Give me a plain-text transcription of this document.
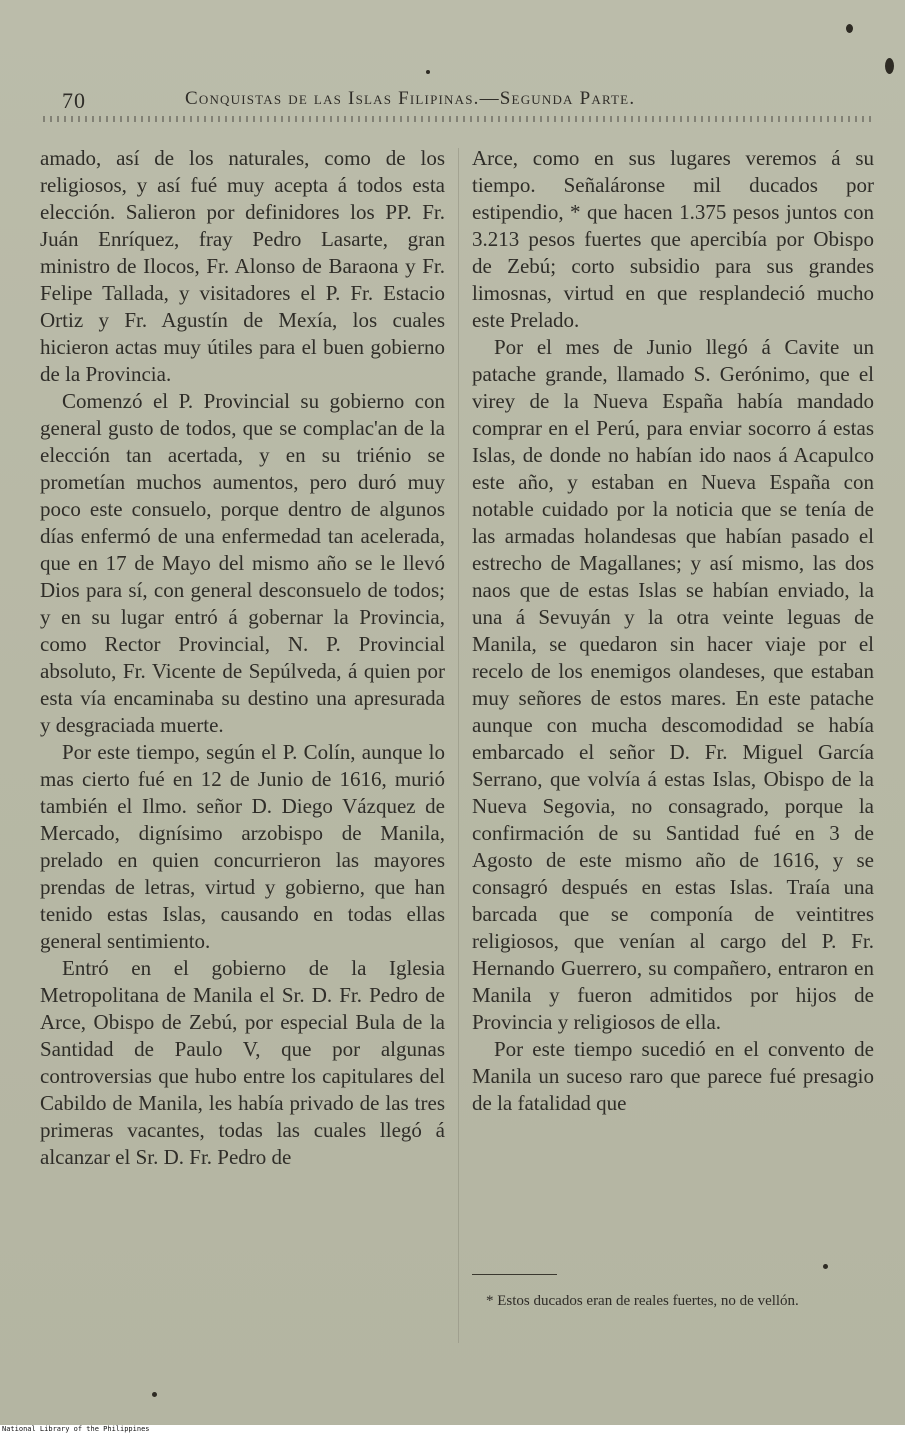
70	Conquistas de las Islas Filipinas.—Segunda Parte.

amado, así de los naturales, como de los religiosos, y así fué muy acepta á todos esta elección. Salieron por definidores los PP. Fr. Juán Enríquez, fray Pedro Lasarte, gran ministro de Ilocos, Fr. Alonso de Baraona y Fr. Felipe Tallada, y visitadores el P. Fr. Estacio Ortiz y Fr. Agustín de Mexía, los cuales hicieron actas muy útiles para el buen gobierno de la Provincia.

Comenzó el P. Provincial su gobierno con general gusto de todos, que se complac'an de la elección tan acertada, y en su triénio se prometían muchos aumentos, pero duró muy poco este consuelo, porque dentro de algunos días enfermó de una enfermedad tan acelerada, que en 17 de Mayo del mismo año se le llevó Dios para sí, con general desconsuelo de todos; y en su lugar entró á gobernar la Provincia, como Rector Provincial, N. P. Provincial absoluto, Fr. Vicente de Sepúlveda, á quien por esta vía encaminaba su destino una apresurada y desgraciada muerte.

Por este tiempo, según el P. Colín, aunque lo mas cierto fué en 12 de Junio de 1616, murió también el Ilmo. señor D. Diego Vázquez de Mercado, dignísimo arzobispo de Manila, prelado en quien concurrieron las mayores prendas de letras, virtud y gobierno, que han tenido estas Islas, causando en todas ellas general sentimiento.

Entró en el gobierno de la Iglesia Metropolitana de Manila el Sr. D. Fr. Pedro de Arce, Obispo de Zebú, por especial Bula de la Santidad de Paulo V, que por algunas controversias que hubo entre los capitulares del Cabildo de Manila, les había privado de las tres primeras vacantes, todas las cuales llegó á alcanzar el Sr. D. Fr. Pedro de

Arce, como en sus lugares veremos á su tiempo. Señaláronse mil ducados por estipendio, * que hacen 1.375 pesos juntos con 3.213 pesos fuertes que apercibía por Obispo de Zebú; corto subsidio para sus grandes limosnas, virtud en que resplandeció mucho este Prelado.

Por el mes de Junio llegó á Cavite un patache grande, llamado S. Gerónimo, que el virey de la Nueva España había mandado comprar en el Perú, para enviar socorro á estas Islas, de donde no habían ido naos á Acapulco este año, y estaban en Nueva España con notable cuidado por la noticia que se tenía de las armadas holandesas que habían pasado el estrecho de Magallanes; y así mismo, las dos naos que de estas Islas se habían enviado, la una á Sevuyán y la otra veinte leguas de Manila, se quedaron sin hacer viaje por el recelo de los enemigos olandeses, que estaban muy señores de estos mares. En este patache aunque con mucha descomodidad se había embarcado el señor D. Fr. Miguel García Serrano, que volvía á estas Islas, Obispo de la Nueva Segovia, no consagrado, porque la confirmación de su Santidad fué en 3 de Agosto de este mismo año de 1616, y se consagró después en estas Islas. Traía una barcada que se componía de veintitres religiosos, que venían al cargo del P. Fr. Hernando Guerrero, su compañero, entraron en Manila y fueron admitidos por hijos de Provincia y religiosos de ella.

Por este tiempo sucedió en el convento de Manila un suceso raro que parece fué presagio de la fatalidad que

* Estos ducados eran de reales fuertes, no de vellón.
National Library of the Philippines
